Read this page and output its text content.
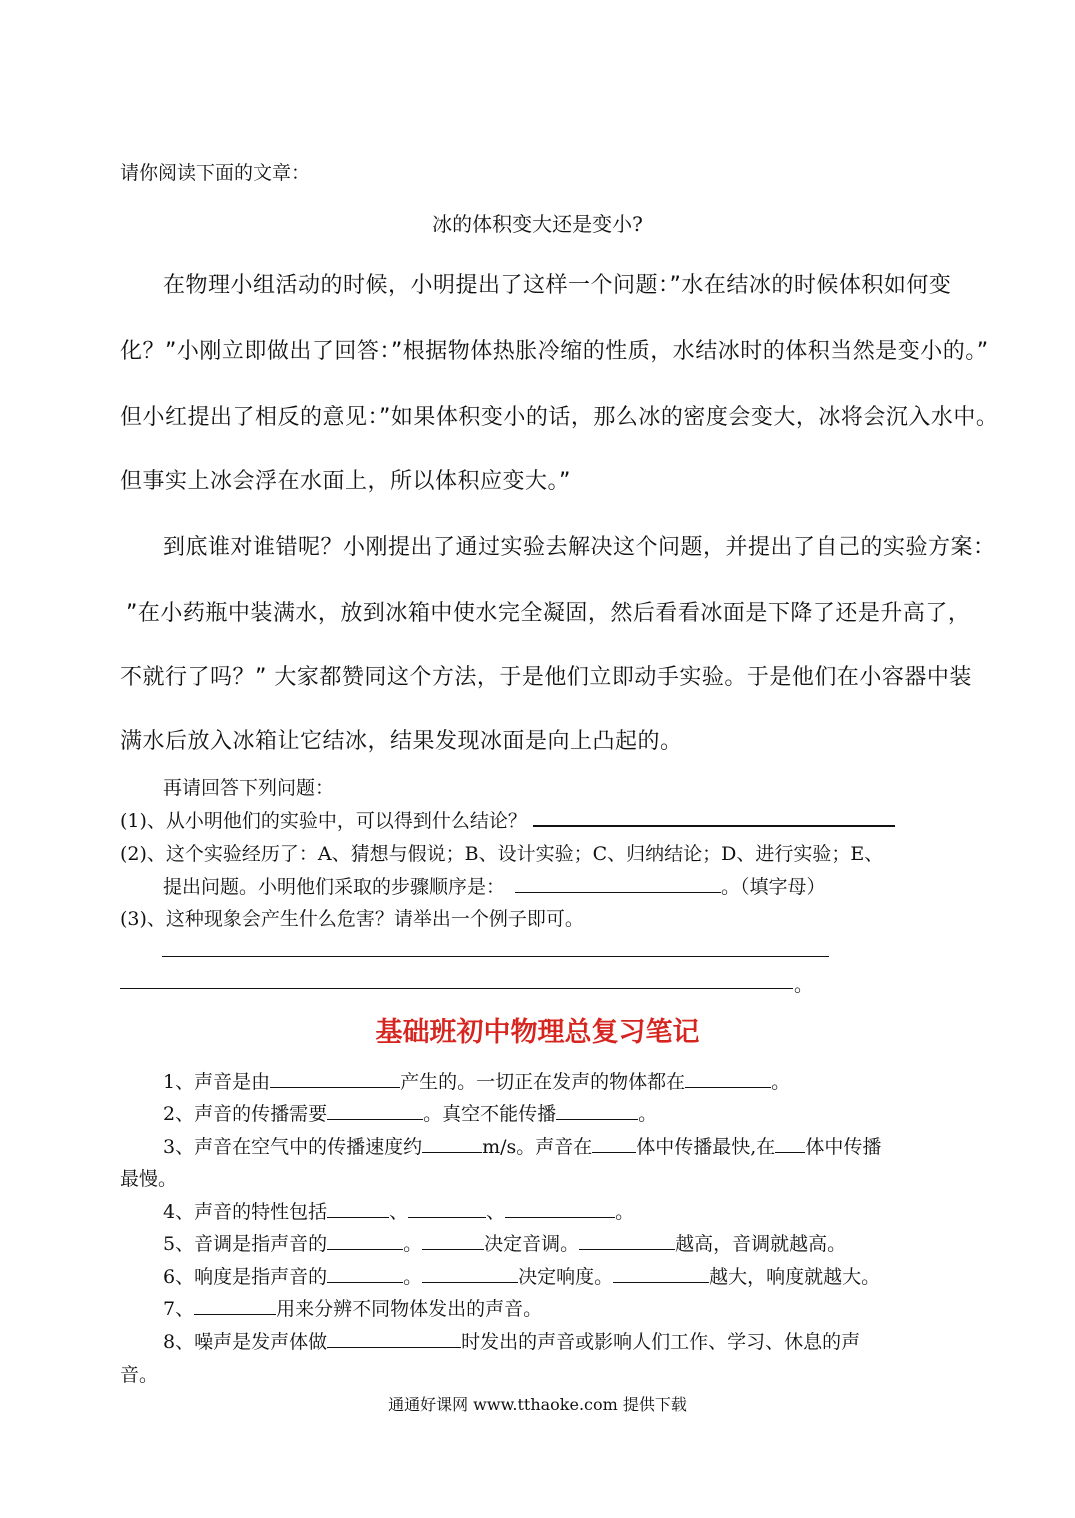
请你阅读下面的文章：
冰的体积变大还是变小?
在物理小组活动的时候，小明提出了这样一个问题：”水在结冰的时候体积如何变
化？”小刚立即做出了回答：”根据物体热胀冷缩的性质，水结冰时的体积当然是变小的。”
但小红提出了相反的意见：”如果体积变小的话，那么冰的密度会变大，冰将会沉入水中。
但事实上冰会浮在水面上，所以体积应变大。”
到底谁对谁错呢？小刚提出了通过实验去解决这个问题，并提出了自己的实验方案：
”在小药瓶中装满水，放到冰箱中使水完全凝固，然后看看冰面是下降了还是升高了，
不就行了吗？” 大家都赞同这个方法，于是他们立即动手实验。于是他们在小容器中装
满水后放入冰箱让它结冰，结果发现冰面是向上凸起的。
再请回答下列问题：
(1)、从小明他们的实验中，可以得到什么结论？
(2)、这个实验经历了：A、猜想与假说；B、设计实验；C、归纳结论；D、进行实验；E、
提出问题。小明他们采取的步骤顺序是：	。（填字母）
(3)、这种现象会产生什么危害？请举出一个例子即可。
。
基础班初中物理总复习笔记
1、声音是由	产生的。一切正在发声的物体都在	。
2、声音的传播需要	。真空不能传播	。
3、声音在空气中的传播速度约	m/s。声音在 体中传播最快,在 体中传播
最慢。
4、声音的特性包括	、	、	。
5、音调是指声音的	。	决定音调。	越高，音调就越高。
6、响度是指声音的	。	决定响度。	越大，响度就越大。
7、	用来分辨不同物体发出的声音。
8、噪声是发声体做	时发出的声音或影响人们工作、学习、休息的声
音。
通通好课网 www.tthaoke.com 提供下载
